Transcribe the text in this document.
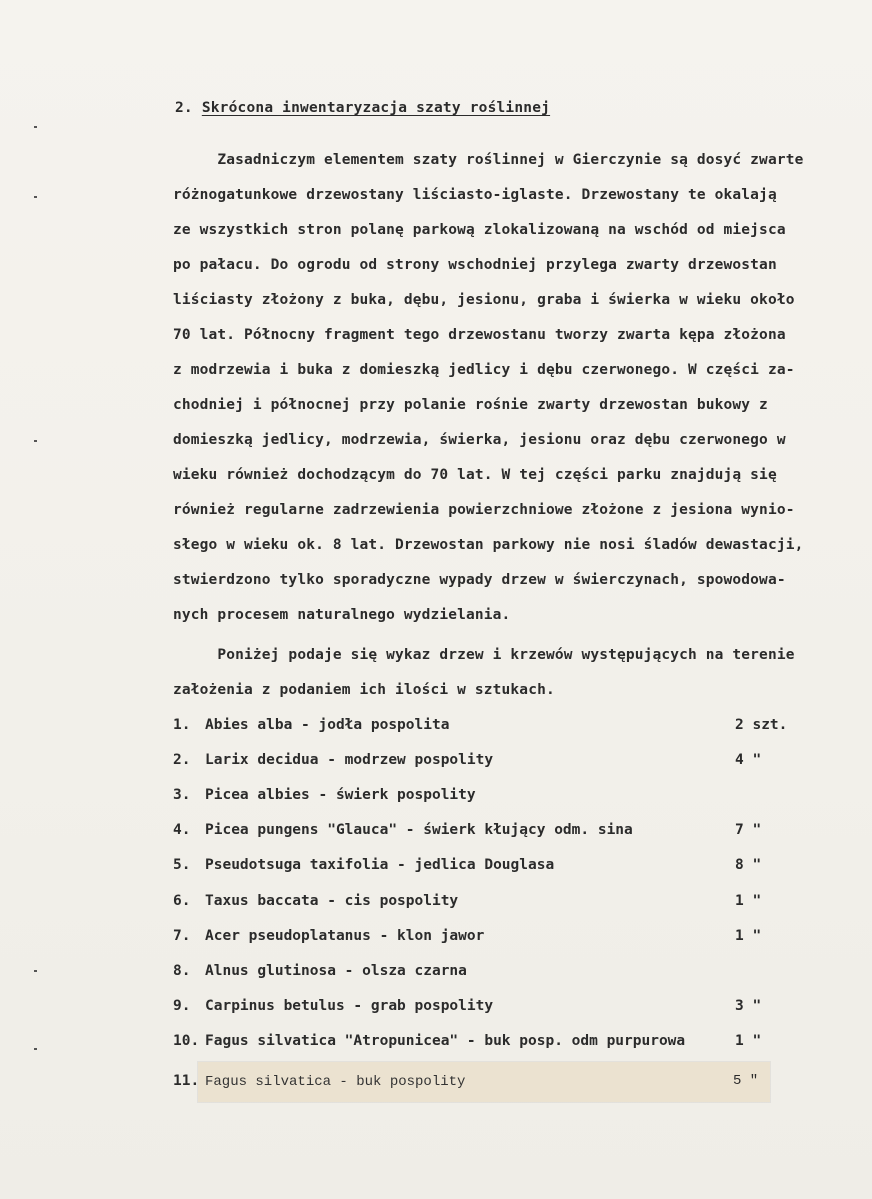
2. Skrócona inwentaryzacja szaty roślinnej
Zasadniczym elementem szaty roślinnej w Gierczynie są dosyć zwarte
różnogatunkowe drzewostany liściasto-iglaste. Drzewostany te okalają
ze wszystkich stron polanę parkową zlokalizowaną na wschód od miejsca
po pałacu. Do ogrodu od strony wschodniej przylega zwarty drzewostan
liściasty złożony z buka, dębu, jesionu, graba i świerka w wieku około
70 lat. Północny fragment tego drzewostanu tworzy zwarta kępa złożona
z modrzewia i buka z domieszką jedlicy i dębu czerwonego. W części za-
chodniej i północnej przy polanie rośnie zwarty drzewostan bukowy z
domieszką jedlicy, modrzewia, świerka, jesionu oraz dębu czerwonego w
wieku również dochodzącym do 70 lat. W tej części parku znajdują się
również regularne zadrzewienia powierzchniowe złożone z jesiona wynio-
słego w wieku ok. 8 lat. Drzewostan parkowy nie nosi śladów dewastacji,
stwierdzono tylko sporadyczne wypady drzew w świerczynach, spowodowa-
nych procesem naturalnego wydzielania.
Poniżej podaje się wykaz drzew i krzewów występujących na terenie
założenia z podaniem ich ilości w sztukach.
1. Abies alba - jodła pospolita	2 szt.
2. Larix decidua - modrzew pospolity	4 "
3. Picea albies - świerk pospolity
4. Picea pungens "Glauca" - świerk kłujący odm. sina	7 "
5. Pseudotsuga taxifolia - jedlica Douglasa	8 "
6. Taxus baccata - cis pospolity	1 "
7. Acer pseudoplatanus - klon jawor	1 "
8. Alnus glutinosa - olsza czarna
9. Carpinus betulus - grab pospolity	3 "
10. Fagus silvatica "Atropunicea" - buk posp. odm purpurowa	1 "
11. Fagus silvatica - buk pospolity	5 "
